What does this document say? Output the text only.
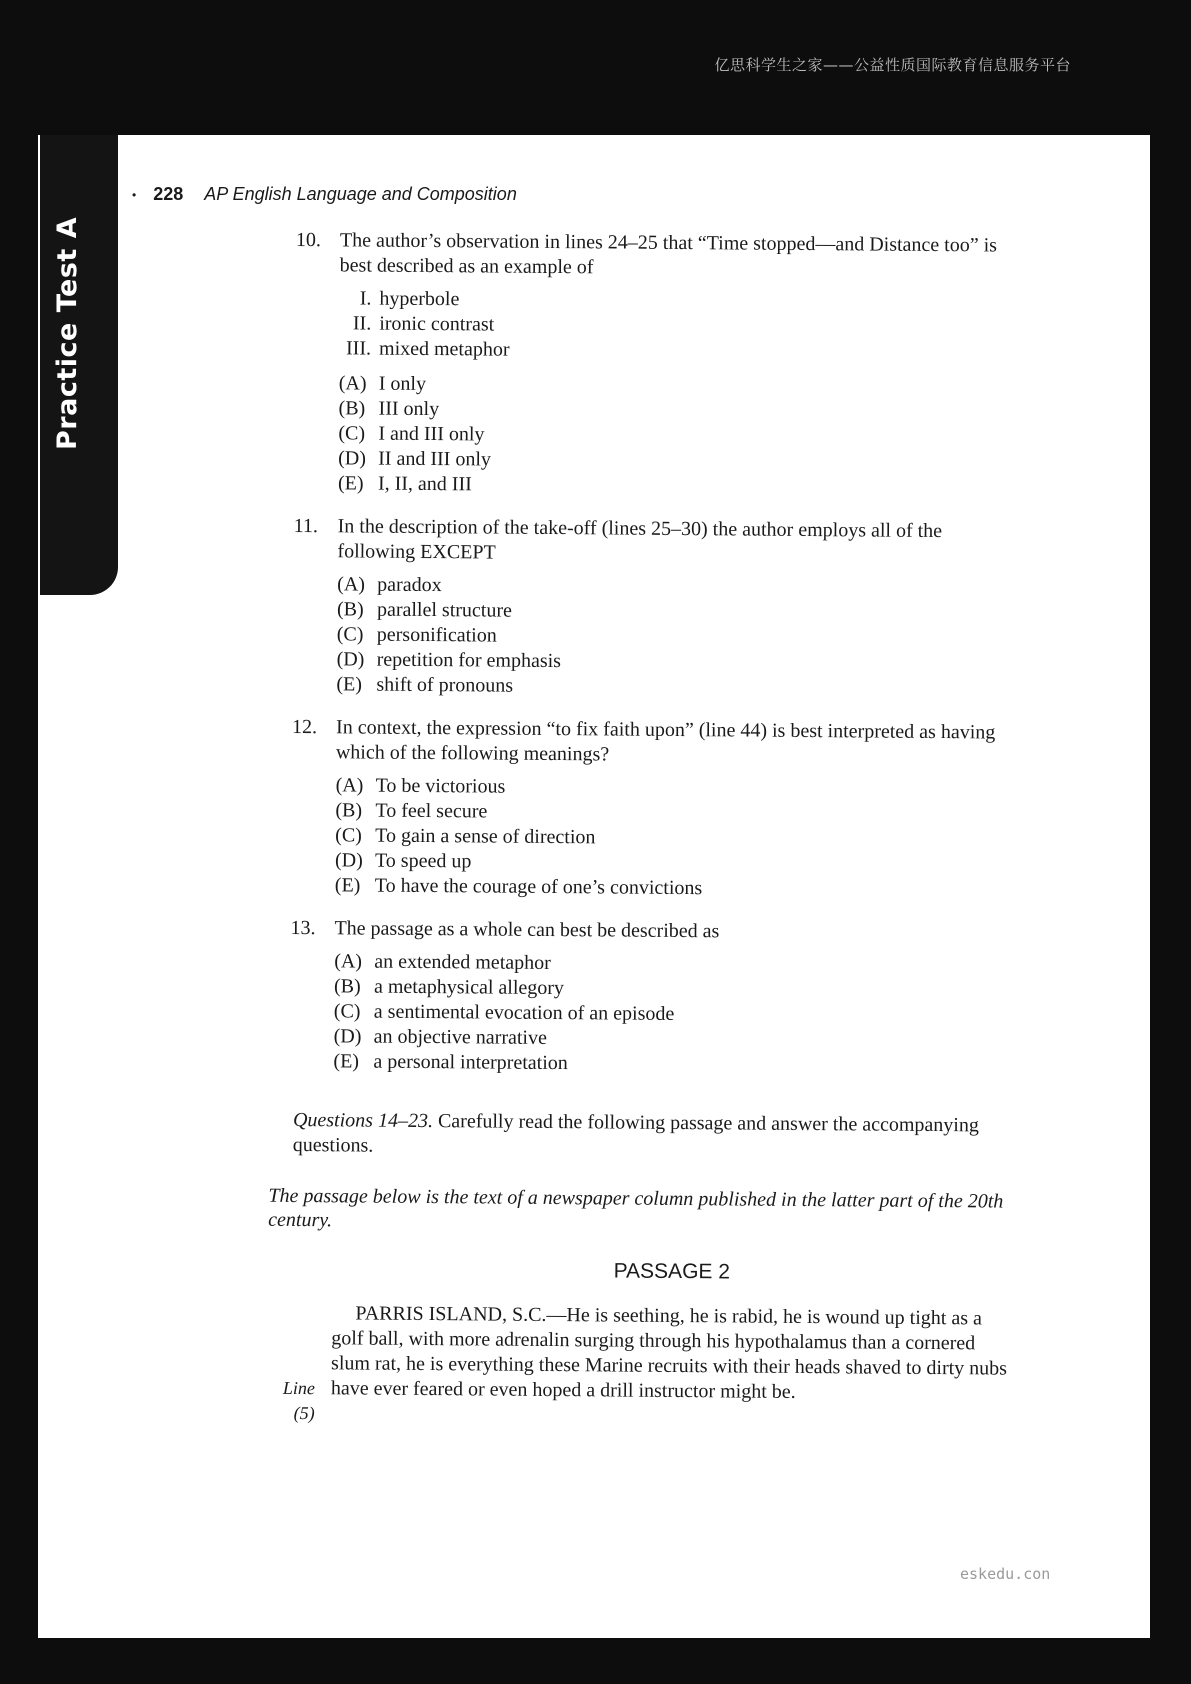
亿思科学生之家——公益性质国际教育信息服务平台
Practice Test A
• 228 AP English Language and Composition
10. The author’s observation in lines 24–25 that “Time stopped—and Distance too” is best described as an example of
I. hyperbole
II. ironic contrast
III. mixed metaphor
(A) I only
(B) III only
(C) I and III only
(D) II and III only
(E) I, II, and III
11. In the description of the take-off (lines 25–30) the author employs all of the following EXCEPT
(A) paradox
(B) parallel structure
(C) personification
(D) repetition for emphasis
(E) shift of pronouns
12. In context, the expression “to fix faith upon” (line 44) is best interpreted as having which of the following meanings?
(A) To be victorious
(B) To feel secure
(C) To gain a sense of direction
(D) To speed up
(E) To have the courage of one’s convictions
13. The passage as a whole can best be described as
(A) an extended metaphor
(B) a metaphysical allegory
(C) a sentimental evocation of an episode
(D) an objective narrative
(E) a personal interpretation
Questions 14–23. Carefully read the following passage and answer the accompanying questions.
The passage below is the text of a newspaper column published in the latter part of the 20th century.
PASSAGE 2

PARRIS ISLAND, S.C.—He is seething, he is rabid, he is wound up tight as a golf ball, with more adrenalin surging through his hypothalamus than a cornered slum rat, he is everything these Marine recruits with their heads shaved to dirty nubs have ever feared or even hoped a drill instructor might be.

Line
(5)
eskedu.con
